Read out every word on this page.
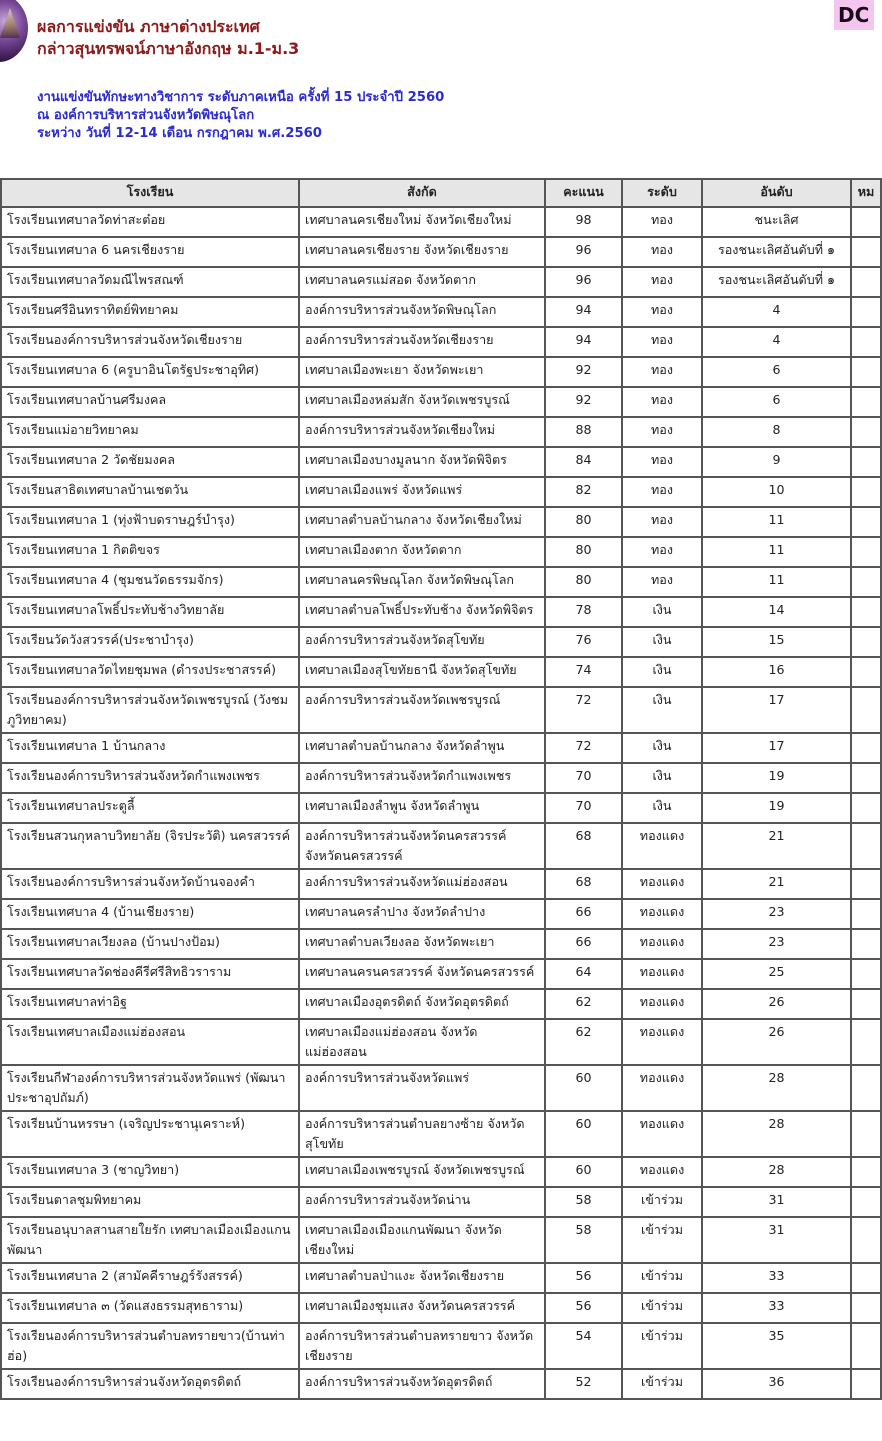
DC
ผลการแข่งขัน ภาษาต่างประเทศ
กล่าวสุนทรพจน์ภาษาอังกฤษ ม.1-ม.3
งานแข่งขันทักษะทางวิชาการ ระดับภาคเหนือ ครั้งที่ 15 ประจำปี 2560
ณ องค์การบริหารส่วนจังหวัดพิษณุโลก
ระหว่าง วันที่ 12-14 เดือน กรกฎาคม พ.ศ.2560
โรงเรียน	สังกัด	คะแนน	ระดับ	อันดับ	หม
โรงเรียนเทศบาลวัดท่าสะต๋อย	เทศบาลนครเชียงใหม่ จังหวัดเชียงใหม่	98	ทอง	ชนะเลิศ	
โรงเรียนเทศบาล 6 นครเชียงราย	เทศบาลนครเชียงราย จังหวัดเชียงราย	96	ทอง	รองชนะเลิศอันดับที่ ๑	
โรงเรียนเทศบาลวัดมณีไพรสณฑ์	เทศบาลนครแม่สอด จังหวัดตาก	96	ทอง	รองชนะเลิศอันดับที่ ๑	
โรงเรียนศรีอินทราทิตย์พิทยาคม	องค์การบริหารส่วนจังหวัดพิษณุโลก	94	ทอง	4	
โรงเรียนองค์การบริหารส่วนจังหวัดเชียงราย	องค์การบริหารส่วนจังหวัดเชียงราย	94	ทอง	4	
โรงเรียนเทศบาล 6 (ครูบาอินโตรัฐประชาอุทิศ)	เทศบาลเมืองพะเยา จังหวัดพะเยา	92	ทอง	6	
โรงเรียนเทศบาลบ้านศรีมงคล	เทศบาลเมืองหล่มสัก จังหวัดเพชรบูรณ์	92	ทอง	6	
โรงเรียนแม่อายวิทยาคม	องค์การบริหารส่วนจังหวัดเชียงใหม่	88	ทอง	8	
โรงเรียนเทศบาล 2 วัดชัยมงคล	เทศบาลเมืองบางมูลนาก จังหวัดพิจิตร	84	ทอง	9	
โรงเรียนสาธิตเทศบาลบ้านเชตวัน	เทศบาลเมืองแพร่ จังหวัดแพร่	82	ทอง	10	
โรงเรียนเทศบาล 1 (ทุ่งฟ้าบดราษฎร์บำรุง)	เทศบาลตำบลบ้านกลาง จังหวัดเชียงใหม่	80	ทอง	11	
โรงเรียนเทศบาล 1 กิตติขจร	เทศบาลเมืองตาก จังหวัดตาก	80	ทอง	11	
โรงเรียนเทศบาล 4 (ชุมชนวัดธรรมจักร)	เทศบาลนครพิษณุโลก จังหวัดพิษณุโลก	80	ทอง	11	
โรงเรียนเทศบาลโพธิ์ประทับช้างวิทยาลัย	เทศบาลตำบลโพธิ์ประทับช้าง จังหวัดพิจิตร	78	เงิน	14	
โรงเรียนวัดวังสวรรค์(ประชาบำรุง)	องค์การบริหารส่วนจังหวัดสุโขทัย	76	เงิน	15	
โรงเรียนเทศบาลวัดไทยชุมพล (ดำรงประชาสรรค์)	เทศบาลเมืองสุโขทัยธานี จังหวัดสุโขทัย	74	เงิน	16	
โรงเรียนองค์การบริหารส่วนจังหวัดเพชรบูรณ์ (วังชมภูวิทยาคม)	องค์การบริหารส่วนจังหวัดเพชรบูรณ์	72	เงิน	17	
โรงเรียนเทศบาล 1 บ้านกลาง	เทศบาลตำบลบ้านกลาง จังหวัดลำพูน	72	เงิน	17	
โรงเรียนองค์การบริหารส่วนจังหวัดกำแพงเพชร	องค์การบริหารส่วนจังหวัดกำแพงเพชร	70	เงิน	19	
โรงเรียนเทศบาลประตูลี้	เทศบาลเมืองลำพูน จังหวัดลำพูน	70	เงิน	19	
โรงเรียนสวนกุหลาบวิทยาลัย (จิรประวัติ) นครสวรรค์	องค์การบริหารส่วนจังหวัดนครสวรรค์ จังหวัดนครสวรรค์	68	ทองแดง	21	
โรงเรียนองค์การบริหารส่วนจังหวัดบ้านจองคำ	องค์การบริหารส่วนจังหวัดแม่ฮ่องสอน	68	ทองแดง	21	
โรงเรียนเทศบาล 4 (บ้านเชียงราย)	เทศบาลนครลำปาง จังหวัดลำปาง	66	ทองแดง	23	
โรงเรียนเทศบาลเวียงลอ (บ้านปางป้อม)	เทศบาลตำบลเวียงลอ จังหวัดพะเยา	66	ทองแดง	23	
โรงเรียนเทศบาลวัดช่องคีรีศรีสิทธิวราราม	เทศบาลนครนครสวรรค์ จังหวัดนครสวรรค์	64	ทองแดง	25	
โรงเรียนเทศบาลท่าอิฐ	เทศบาลเมืองอุตรดิตถ์ จังหวัดอุตรดิตถ์	62	ทองแดง	26	
โรงเรียนเทศบาลเมืองแม่ฮ่องสอน	เทศบาลเมืองแม่ฮ่องสอน จังหวัดแม่ฮ่องสอน	62	ทองแดง	26	
โรงเรียนกีฬาองค์การบริหารส่วนจังหวัดแพร่ (พัฒนาประชาอุปถัมภ์)	องค์การบริหารส่วนจังหวัดแพร่	60	ทองแดง	28	
โรงเรียนบ้านหรรษา (เจริญประชานุเคราะห์)	องค์การบริหารส่วนตำบลยางซ้าย จังหวัดสุโขทัย	60	ทองแดง	28	
โรงเรียนเทศบาล 3 (ชาญวิทยา)	เทศบาลเมืองเพชรบูรณ์ จังหวัดเพชรบูรณ์	60	ทองแดง	28	
โรงเรียนตาลชุมพิทยาคม	องค์การบริหารส่วนจังหวัดน่าน	58	เข้าร่วม	31	
โรงเรียนอนุบาลสานสายใยรัก เทศบาลเมืองเมืองแกนพัฒนา	เทศบาลเมืองเมืองแกนพัฒนา จังหวัดเชียงใหม่	58	เข้าร่วม	31	
โรงเรียนเทศบาล 2 (สามัคคีราษฎร์รังสรรค์)	เทศบาลตำบลป่าแงะ จังหวัดเชียงราย	56	เข้าร่วม	33	
โรงเรียนเทศบาล ๓ (วัดแสงธรรมสุทธาราม)	เทศบาลเมืองชุมแสง จังหวัดนครสวรรค์	56	เข้าร่วม	33	
โรงเรียนองค์การบริหารส่วนตำบลทรายขาว(บ้านท่าฮ่อ)	องค์การบริหารส่วนตำบลทรายขาว จังหวัดเชียงราย	54	เข้าร่วม	35	
โรงเรียนองค์การบริหารส่วนจังหวัดอุตรดิตถ์	องค์การบริหารส่วนจังหวัดอุตรดิตถ์	52	เข้าร่วม	36	
